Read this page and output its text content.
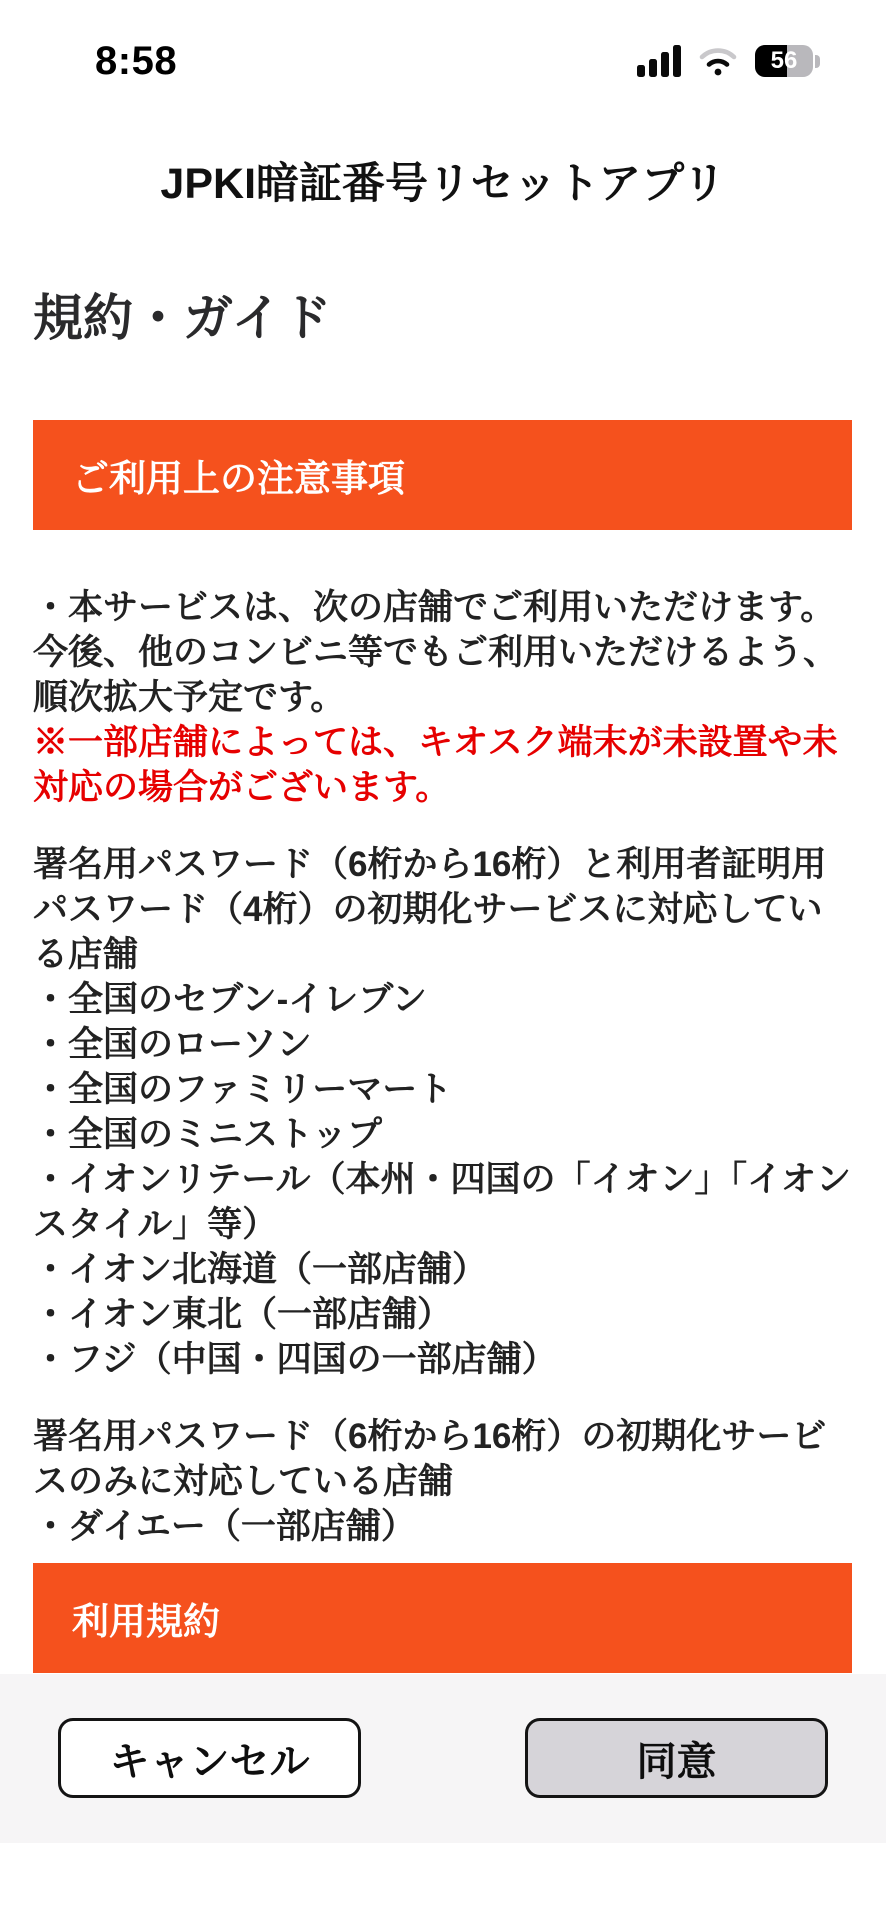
8:58	56
JPKI暗証番号リセットアプリ
規約・ガイド
ご利用上の注意事項

・本サービスは、次の店舗でご利用いただけます。今後、他のコンビニ等でもご利用いただけるよう、順次拡大予定です。

※一部店舗によっては、キオスク端末が未設置や未対応の場合がございます。

署名用パスワード（6桁から16桁）と利用者証明用パスワード（4桁）の初期化サービスに対応している店舗

・全国のセブン-イレブン
・全国のローソン
・全国のファミリーマート
・全国のミニストップ
・イオンリテール（本州・四国の「イオン」「イオンスタイル」等）
・イオン北海道（一部店舗）
・イオン東北（一部店舗）
・フジ（中国・四国の一部店舗）

署名用パスワード（6桁から16桁）の初期化サービスのみに対応している店舗

・ダイエー（一部店舗）
利用規約
キャンセル	同意
